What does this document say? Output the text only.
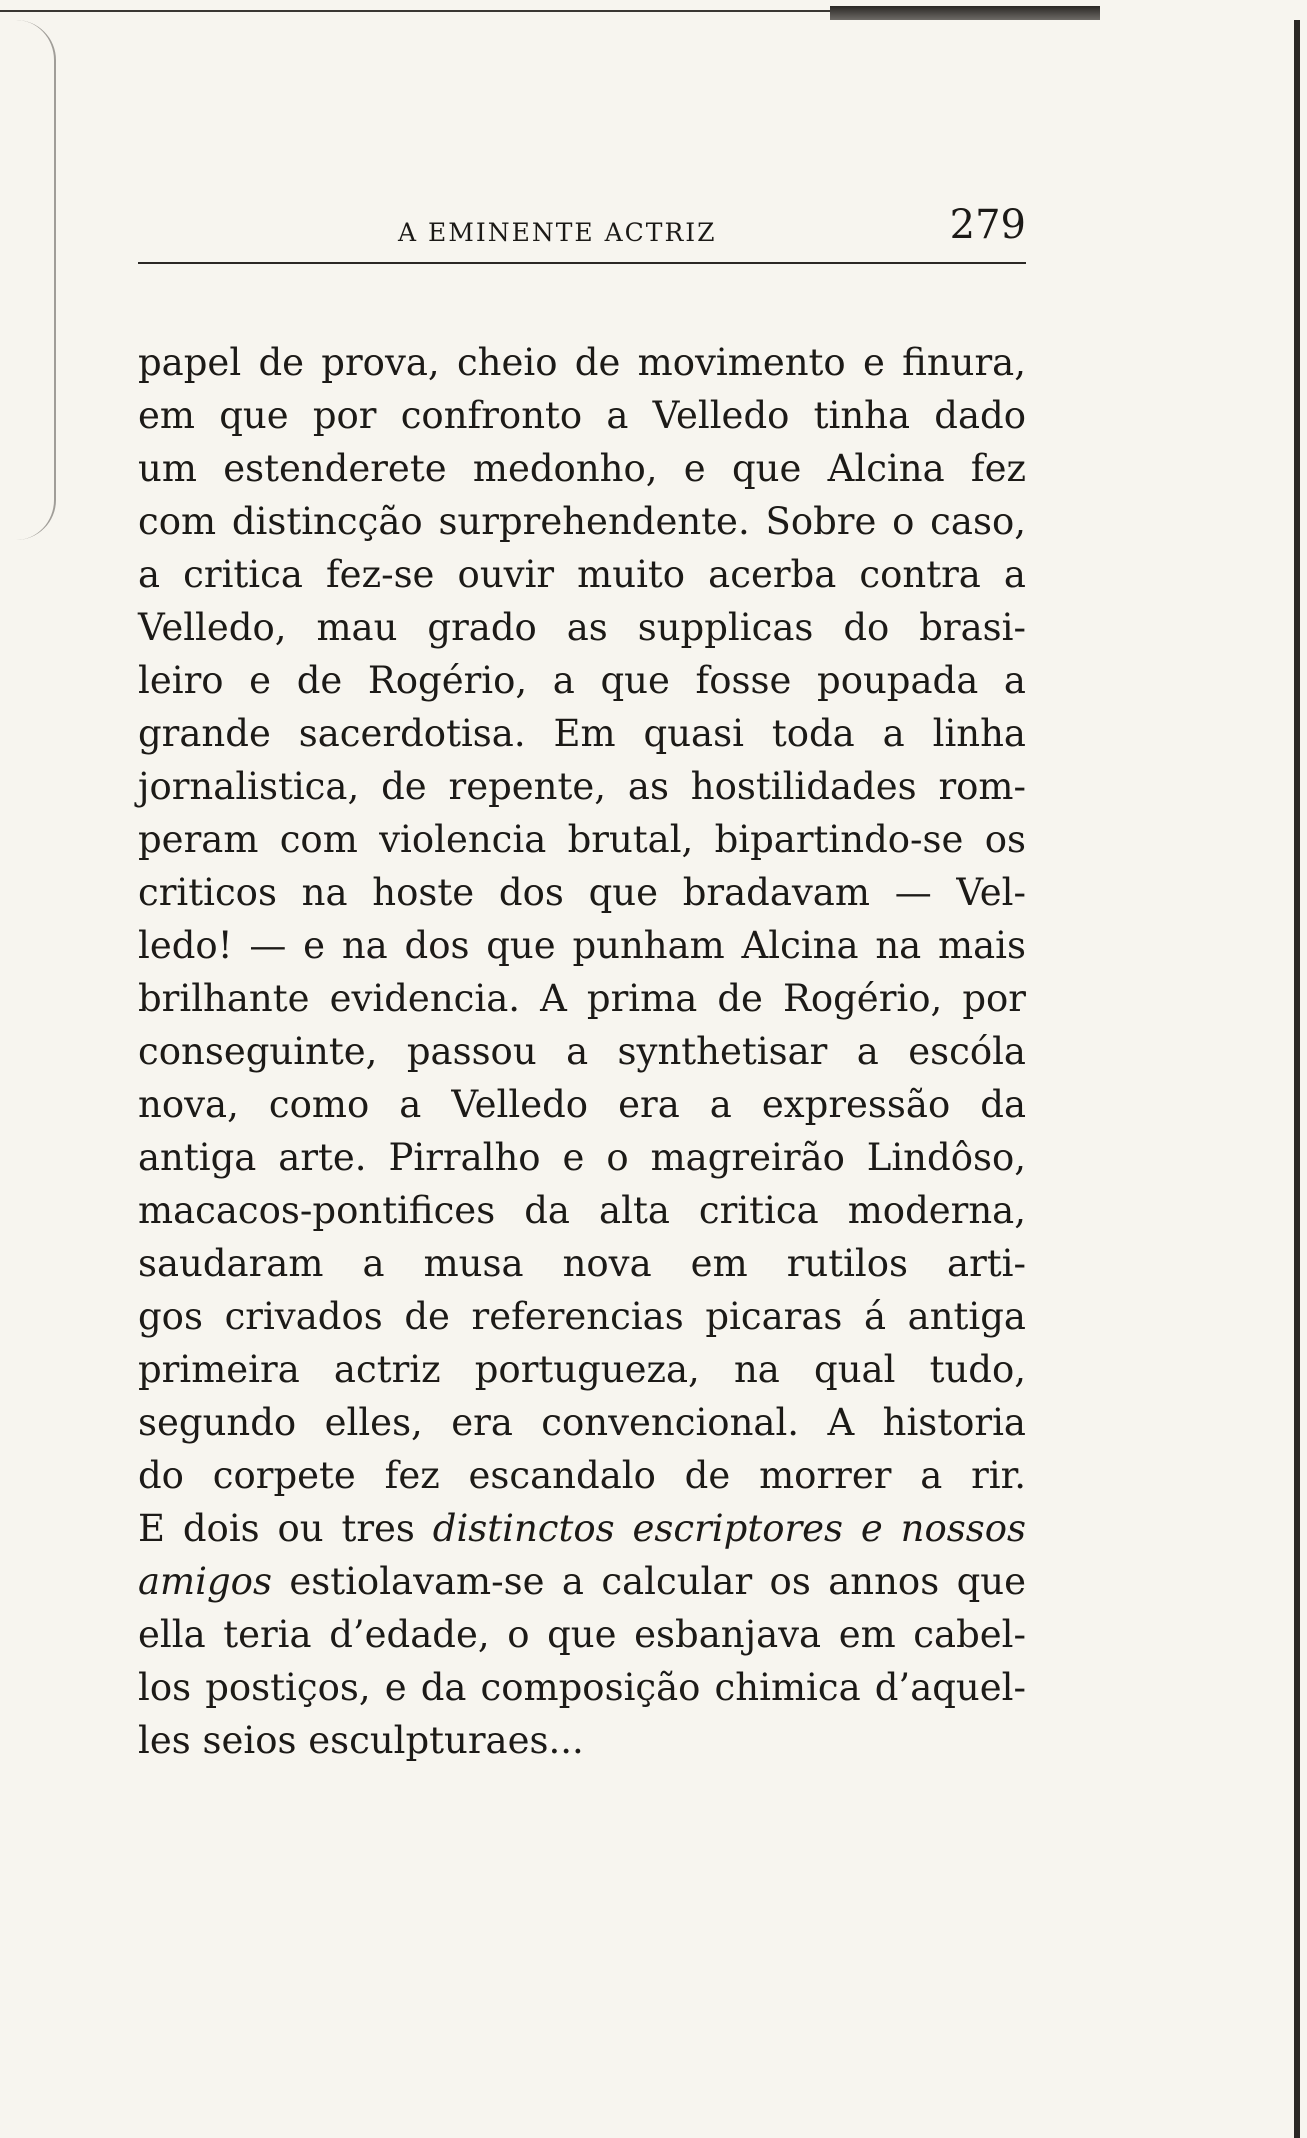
A EMINENTE ACTRIZ	279
papel de prova, cheio de movimento e finura,
em que por confronto a Velledo tinha dado
um estenderete medonho, e que Alcina fez
com distincção surprehendente. Sobre o caso,
a critica fez-se ouvir muito acerba contra a
Velledo, mau grado as supplicas do brasi-
leiro e de Rogério, a que fosse poupada a
grande sacerdotisa. Em quasi toda a linha
jornalistica, de repente, as hostilidades rom-
peram com violencia brutal, bipartindo-se os
criticos na hoste dos que bradavam — Vel-
ledo! — e na dos que punham Alcina na mais
brilhante evidencia. A prima de Rogério, por
conseguinte, passou a synthetisar a escóla
nova, como a Velledo era a expressão da
antiga arte. Pirralho e o magreirão Lindôso,
macacos-pontifices da alta critica moderna,
saudaram a musa nova em rutilos arti-
gos crivados de referencias picaras á antiga
primeira actriz portugueza, na qual tudo,
segundo elles, era convencional. A historia
do corpete fez escandalo de morrer a rir.
E dois ou tres distinctos escriptores e nossos
amigos estiolavam-se a calcular os annos que
ella teria d’edade, o que esbanjava em cabel-
los postiços, e da composição chimica d’aquel-
les seios esculpturaes...
